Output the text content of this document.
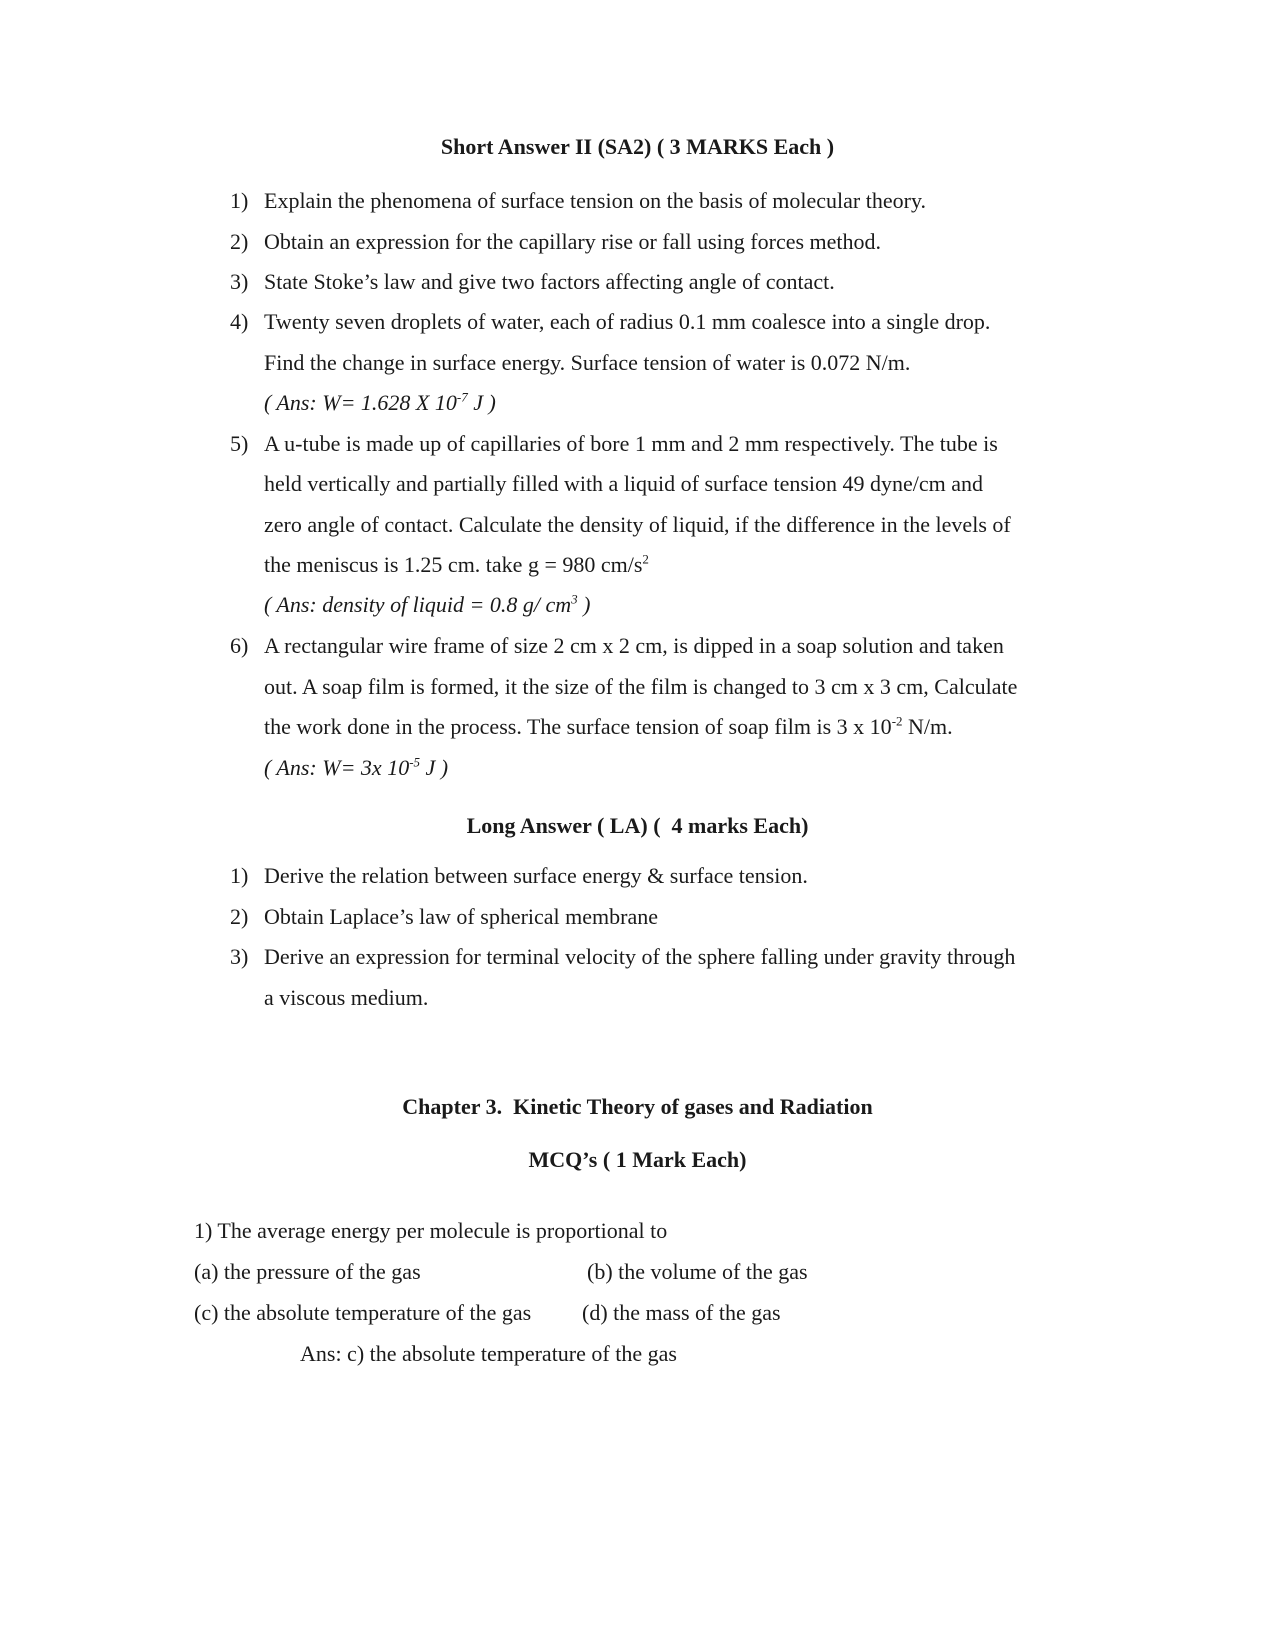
Short Answer II (SA2) ( 3 MARKS Each )
1) Explain the phenomena of surface tension on the basis of molecular theory.
2) Obtain an expression for the capillary rise or fall using forces method.
3) State Stoke’s law and give two factors affecting angle of contact.
4) Twenty seven droplets of water, each of radius 0.1 mm coalesce into a single drop.
Find the change in surface energy. Surface tension of water is 0.072 N/m.
( Ans: W= 1.628 X $10^{-7}$ J )
5) A u-tube is made up of capillaries of bore 1 mm and 2 mm respectively. The tube is
held vertically and partially filled with a liquid of surface tension 49 dyne/cm and
zero angle of contact. Calculate the density of liquid, if the difference in the levels of
the meniscus is 1.25 cm. take g = 980 $cm/s^2$
( Ans: density of liquid = 0.8 g/ $cm^3$ )
6) A rectangular wire frame of size 2 cm x 2 cm, is dipped in a soap solution and taken
out. A soap film is formed, it the size of the film is changed to 3 cm x 3 cm, Calculate
the work done in the process. The surface tension of soap film is 3 x $10^{-2}$ N/m.
( Ans: W= 3x $10^{-5}$ J )
Long Answer ( LA) (  4 marks Each)
1) Derive the relation between surface energy & surface tension.
2) Obtain Laplace’s law of spherical membrane
3) Derive an expression for terminal velocity of the sphere falling under gravity through
a viscous medium.
Chapter 3.  Kinetic Theory of gases and Radiation
MCQ’s ( 1 Mark Each)
1) The average energy per molecule is proportional to
(a) the pressure of the gas	(b) the volume of the gas
(c) the absolute temperature of the gas (d) the mass of the gas
Ans: c) the absolute temperature of the gas
